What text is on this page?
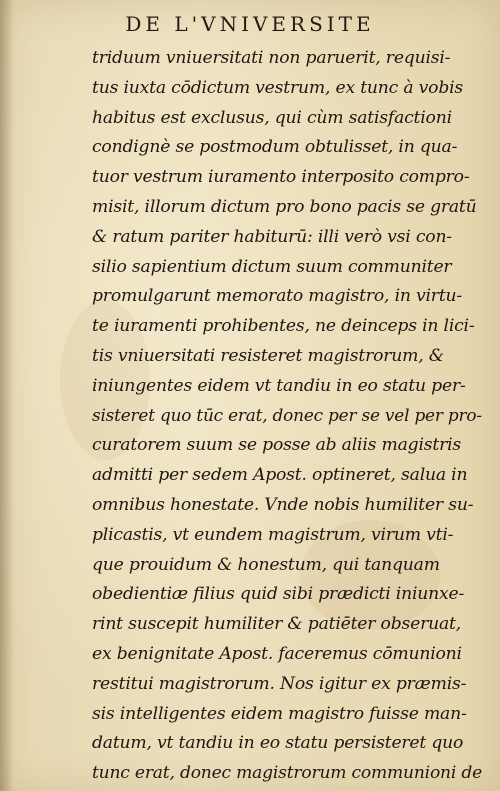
DE L'VNIVERSITE
triduum vniuersitati non paruerit, requisi-
tus iuxta cōdictum vestrum, ex tunc à vobis
habitus est exclusus, qui cùm satisfactioni
condignè se postmodum obtulisset, in qua-
tuor vestrum iuramento interposito compro-
misit, illorum dictum pro bono pacis se gratū
& ratum pariter habiturū: illi verò vsi con-
silio sapientium dictum suum communiter
promulgarunt memorato magistro, in virtu-
te iuramenti prohibentes, ne deinceps in lici-
tis vniuersitati resisteret magistrorum, &
iniungentes eidem vt tandiu in eo statu per-
sisteret quo tūc erat, donec per se vel per pro-
curatorem suum se posse ab aliis magistris
admitti per sedem Apost. optineret, salua in
omnibus honestate. Vnde nobis humiliter su-
plicastis, vt eundem magistrum, virum vti-
que prouidum & honestum, qui tanquam
obedientiæ filius quid sibi prædicti iniunxe-
rint suscepit humiliter & patiēter obseruat,
ex benignitate Apost. faceremus cōmunioni
restitui magistrorum. Nos igitur ex præmis-
sis intelligentes eidem magistro fuisse man-
datum, vt tandiu in eo statu persisteret quo
tunc erat, donec magistrorum communioni de
